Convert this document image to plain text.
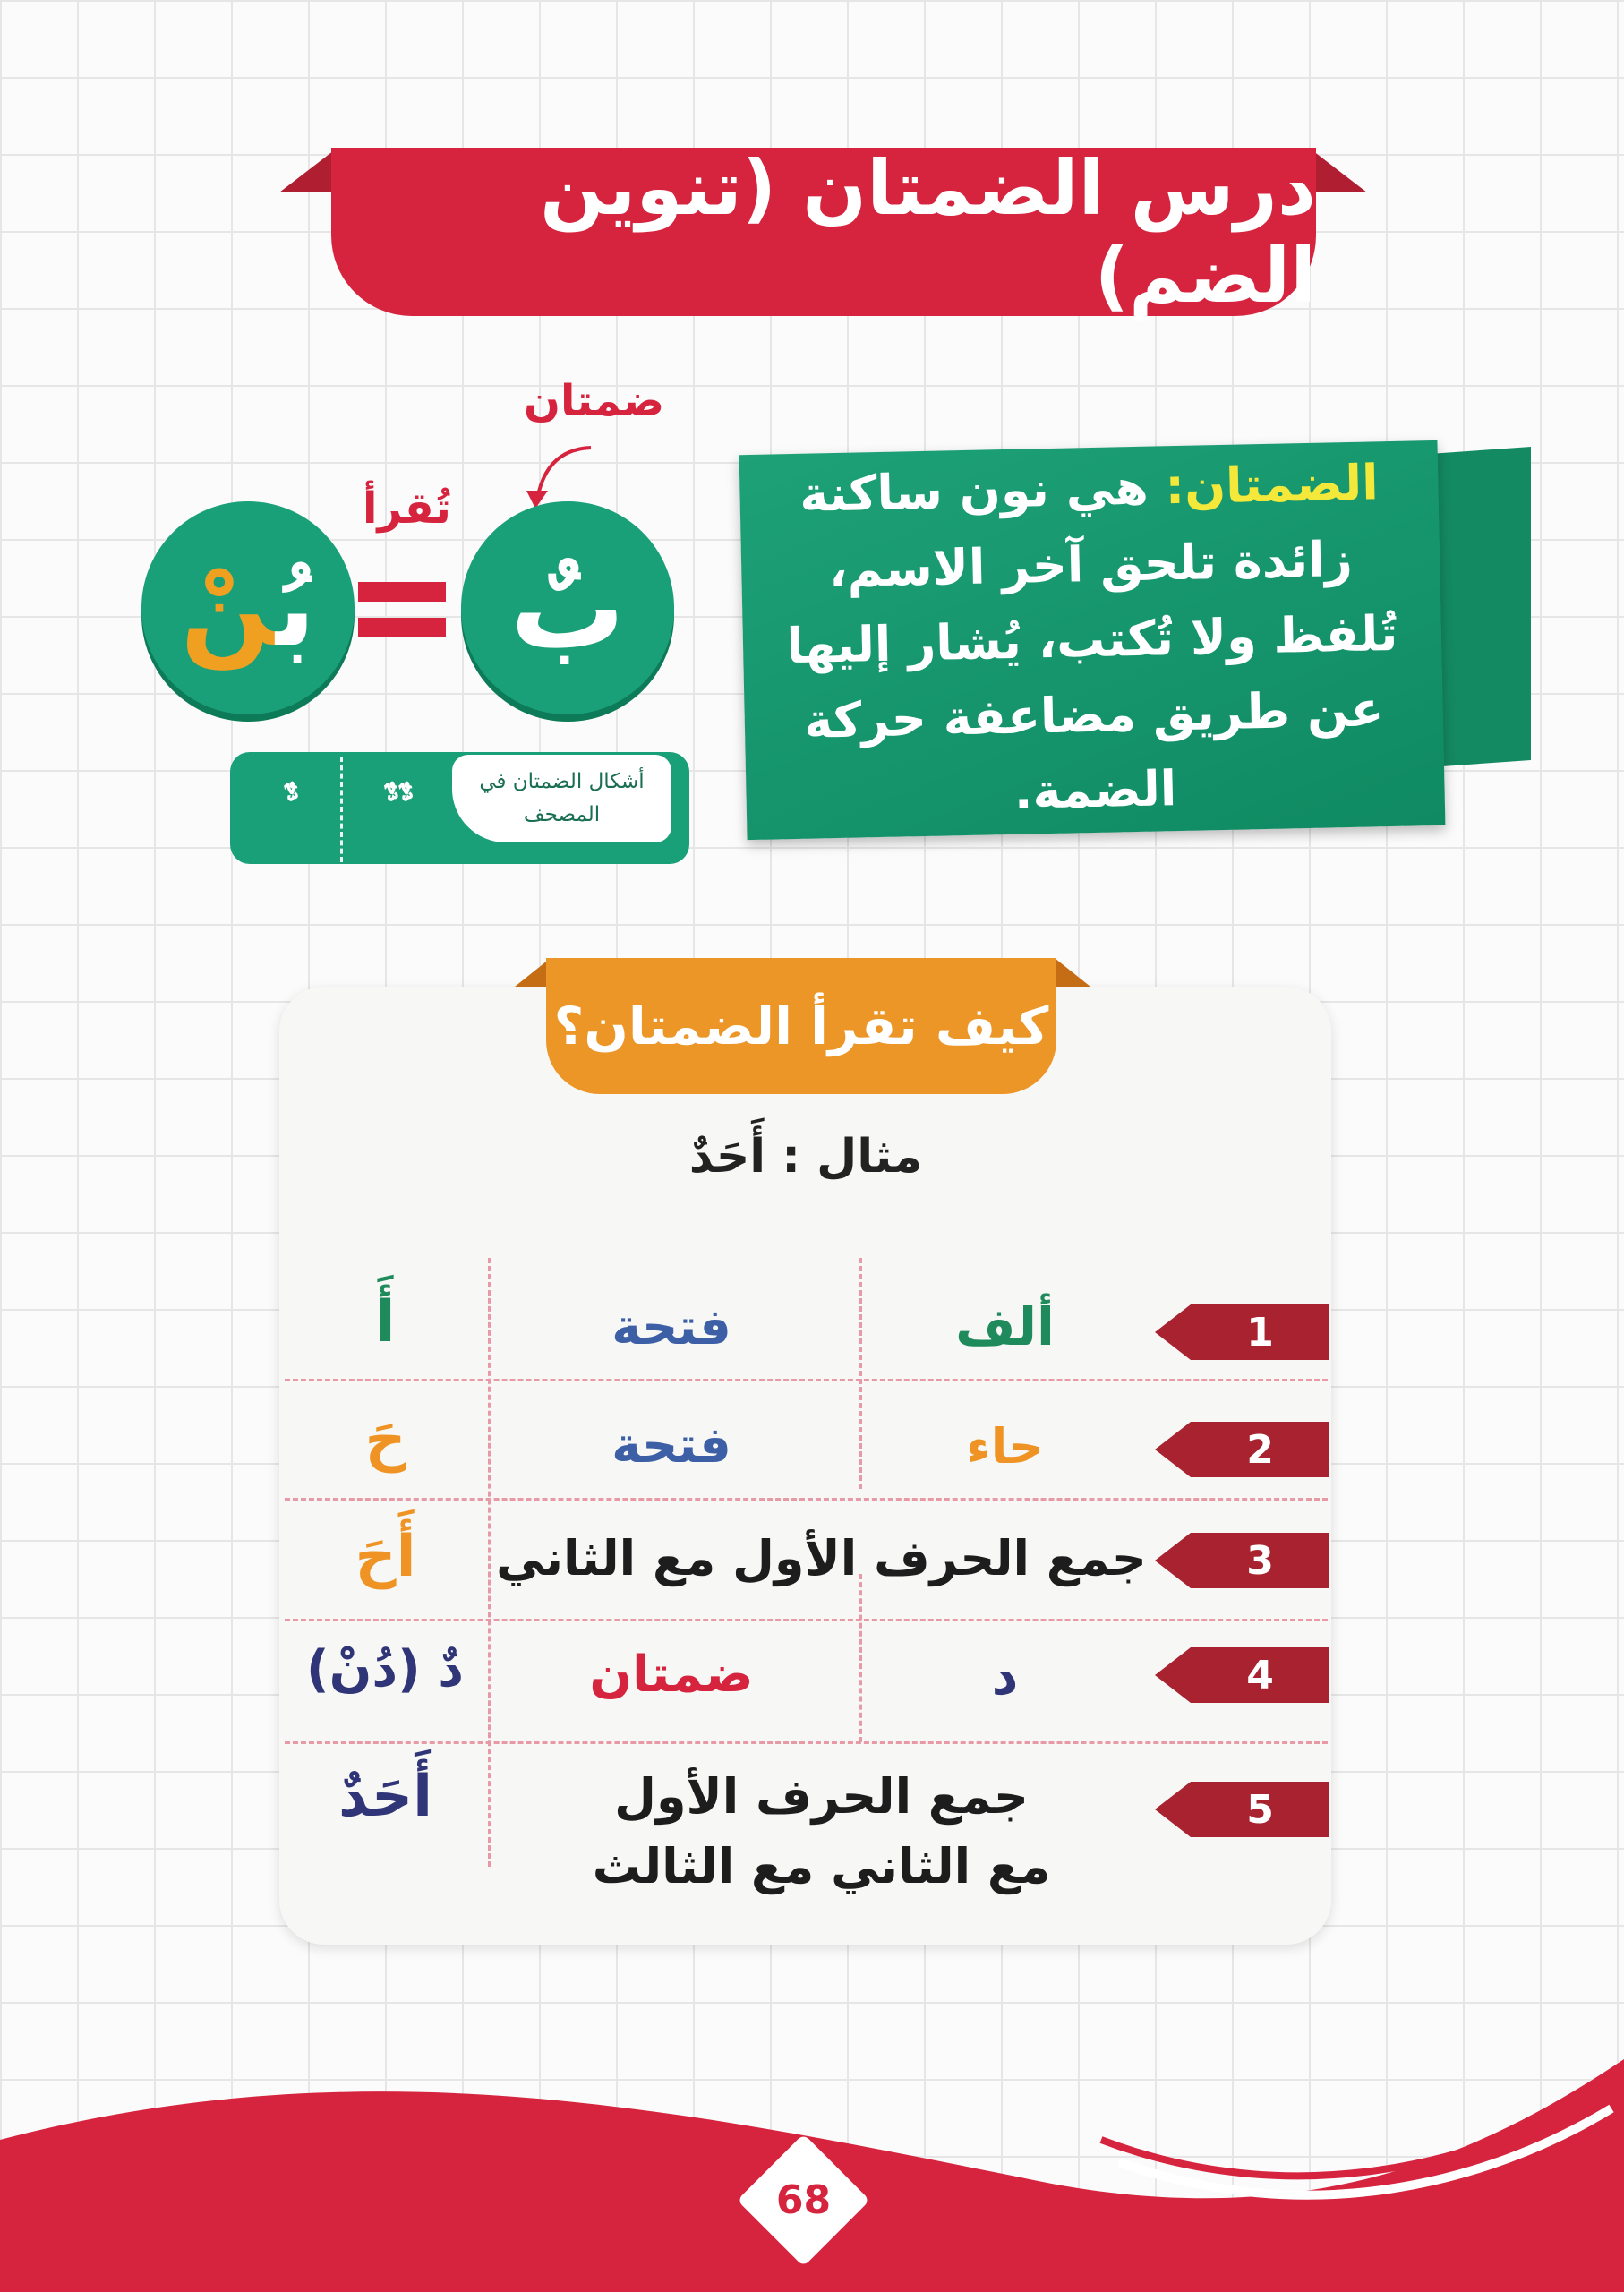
درس الضمتان (تنوين الضم)
الضمتان: هي نون ساكنة زائدة تلحق آخر الاسم، تُلفظ ولا تُكتب، يُشار إليها عن طريق مضاعفة حركة الضمة.
ضمتان
تُقرأ
بٌ
بُنْ
أشكال الضمتان في المصحف
ﱞﱞ
ﱞ
كيف تقرأ الضمتان؟
مثال : أَحَدٌ
1
ألف
فتحة
أَ
2
حاء
فتحة
حَ
3
جمع الحرف الأول مع الثاني
أَحَ
4
د
ضمتان
دٌ (دُنْ)
5
جمع الحرف الأول
مع الثاني مع الثالث
أَحَدٌ
68
